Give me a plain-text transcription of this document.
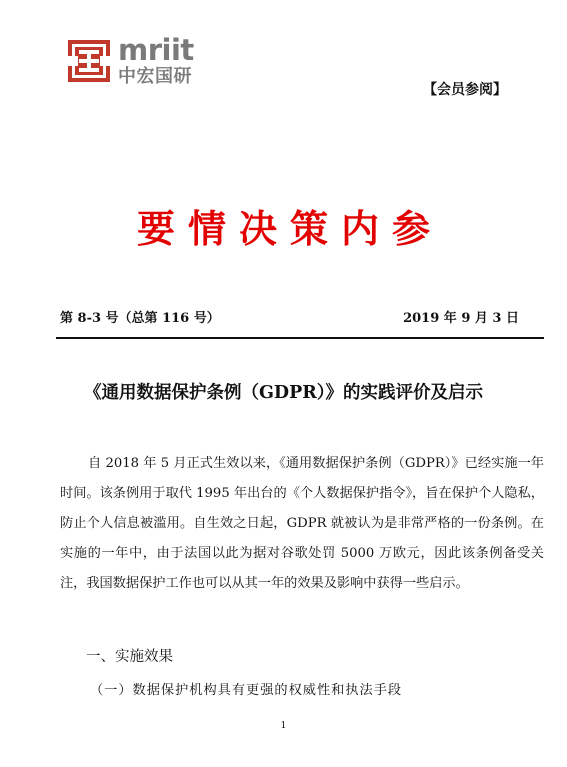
mriit
中宏国研
【会员参阅】
要情决策内参
第 8-3 号（总第 116 号）	2019 年 9 月 3 日
《通用数据保护条例（GDPR）》的实践评价及启示
自 2018 年 5 月正式生效以来，《通用数据保护条例（GDPR）》已经实施一年时间。该条例用于取代 1995 年出台的《个人数据保护指令》，旨在保护个人隐私，防止个人信息被滥用。自生效之日起，GDPR 就被认为是非常严格的一份条例。在实施的一年中，由于法国以此为据对谷歌处罚 5000 万欧元，因此该条例备受关注，我国数据保护工作也可以从其一年的效果及影响中获得一些启示。
一、实施效果
（一）数据保护机构具有更强的权威性和执法手段
1
